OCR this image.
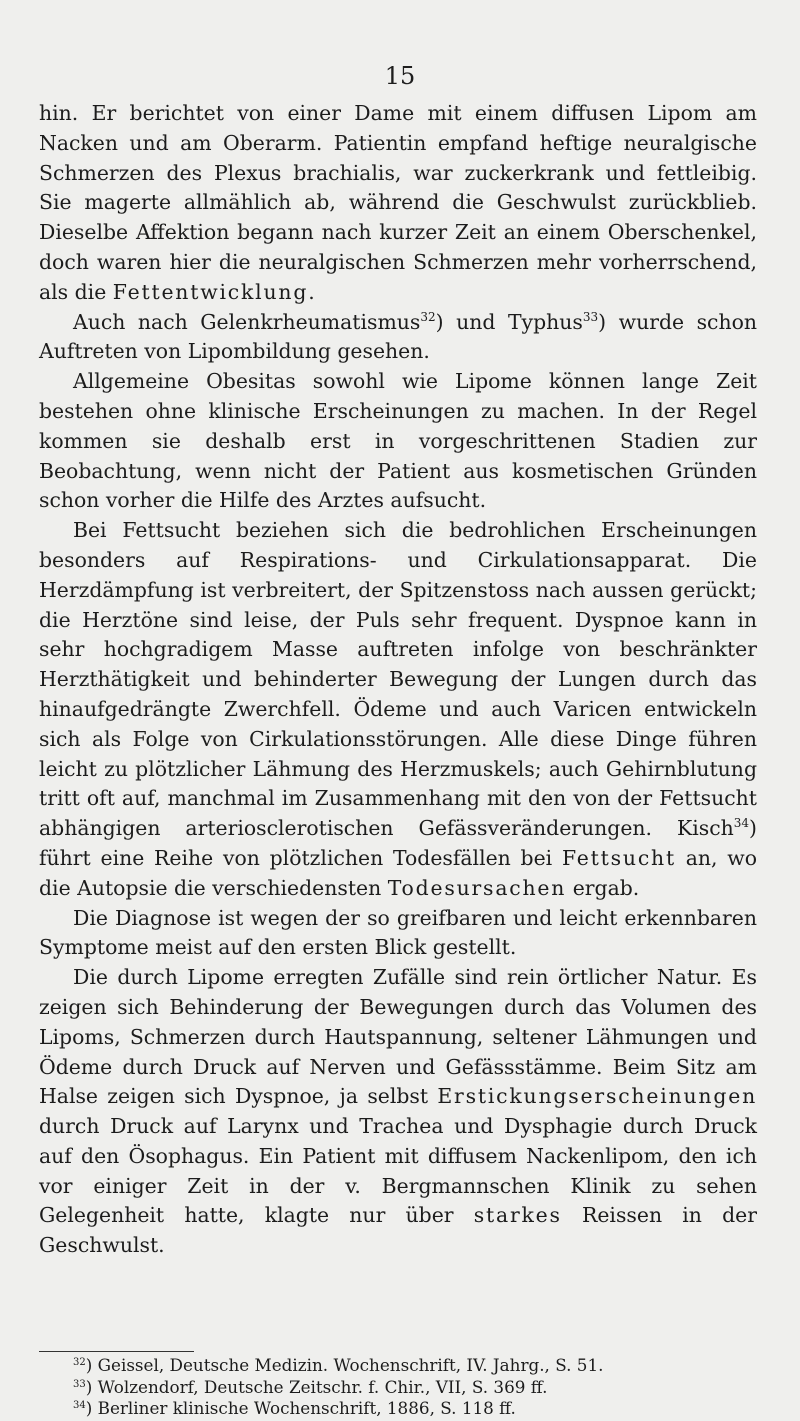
15

hin. Er berichtet von einer Dame mit einem diffusen Lipom am Nacken und am Oberarm. Patientin empfand heftige neuralgische Schmerzen des Plexus brachialis, war zuckerkrank und fettleibig. Sie magerte allmählich ab, während die Geschwulst zurückblieb. Dieselbe Affektion begann nach kurzer Zeit an einem Oberschenkel, doch waren hier die neuralgischen Schmerzen mehr vorherrschend, als die Fettentwicklung.

Auch nach Gelenkrheumatismus$^{32}$) und Typhus$^{33}$) wurde schon Auftreten von Lipombildung gesehen.

Allgemeine Obesitas sowohl wie Lipome können lange Zeit bestehen ohne klinische Erscheinungen zu machen. In der Regel kommen sie deshalb erst in vorgeschrittenen Stadien zur Beobachtung, wenn nicht der Patient aus kosmetischen Gründen schon vorher die Hilfe des Arztes aufsucht.

Bei Fettsucht beziehen sich die bedrohlichen Erscheinungen besonders auf Respirations- und Cirkulationsapparat. Die Herzdämpfung ist verbreitert, der Spitzenstoss nach aussen gerückt; die Herztöne sind leise, der Puls sehr frequent. Dyspnoe kann in sehr hochgradigem Masse auftreten infolge von beschränkter Herzthätigkeit und behinderter Bewegung der Lungen durch das hinaufgedrängte Zwerchfell. Ödeme und auch Varicen entwickeln sich als Folge von Cirkulationsstörungen. Alle diese Dinge führen leicht zu plötzlicher Lähmung des Herzmuskels; auch Gehirnblutung tritt oft auf, manchmal im Zusammenhang mit den von der Fettsucht abhängigen arteriosclerotischen Gefässveränderungen. Kisch$^{34}$) führt eine Reihe von plötzlichen Todesfällen bei Fettsucht an, wo die Autopsie die verschiedensten Todesursachen ergab.

Die Diagnose ist wegen der so greifbaren und leicht erkennbaren Symptome meist auf den ersten Blick gestellt.

Die durch Lipome erregten Zufälle sind rein örtlicher Natur. Es zeigen sich Behinderung der Bewegungen durch das Volumen des Lipoms, Schmerzen durch Hautspannung, seltener Lähmungen und Ödeme durch Druck auf Nerven und Gefässstämme. Beim Sitz am Halse zeigen sich Dyspnoe, ja selbst Erstickungserscheinungen durch Druck auf Larynx und Trachea und Dysphagie durch Druck auf den Ösophagus. Ein Patient mit diffusem Nackenlipom, den ich vor einiger Zeit in der v. Bergmannschen Klinik zu sehen Gelegenheit hatte, klagte nur über starkes Reissen in der Geschwulst.

$^{32}$) Geissel, Deutsche Medizin. Wochenschrift, IV. Jahrg., S. 51.

$^{33}$) Wolzendorf, Deutsche Zeitschr. f. Chir., VII, S. 369 ff.

$^{34}$) Berliner klinische Wochenschrift, 1886, S. 118 ff.
